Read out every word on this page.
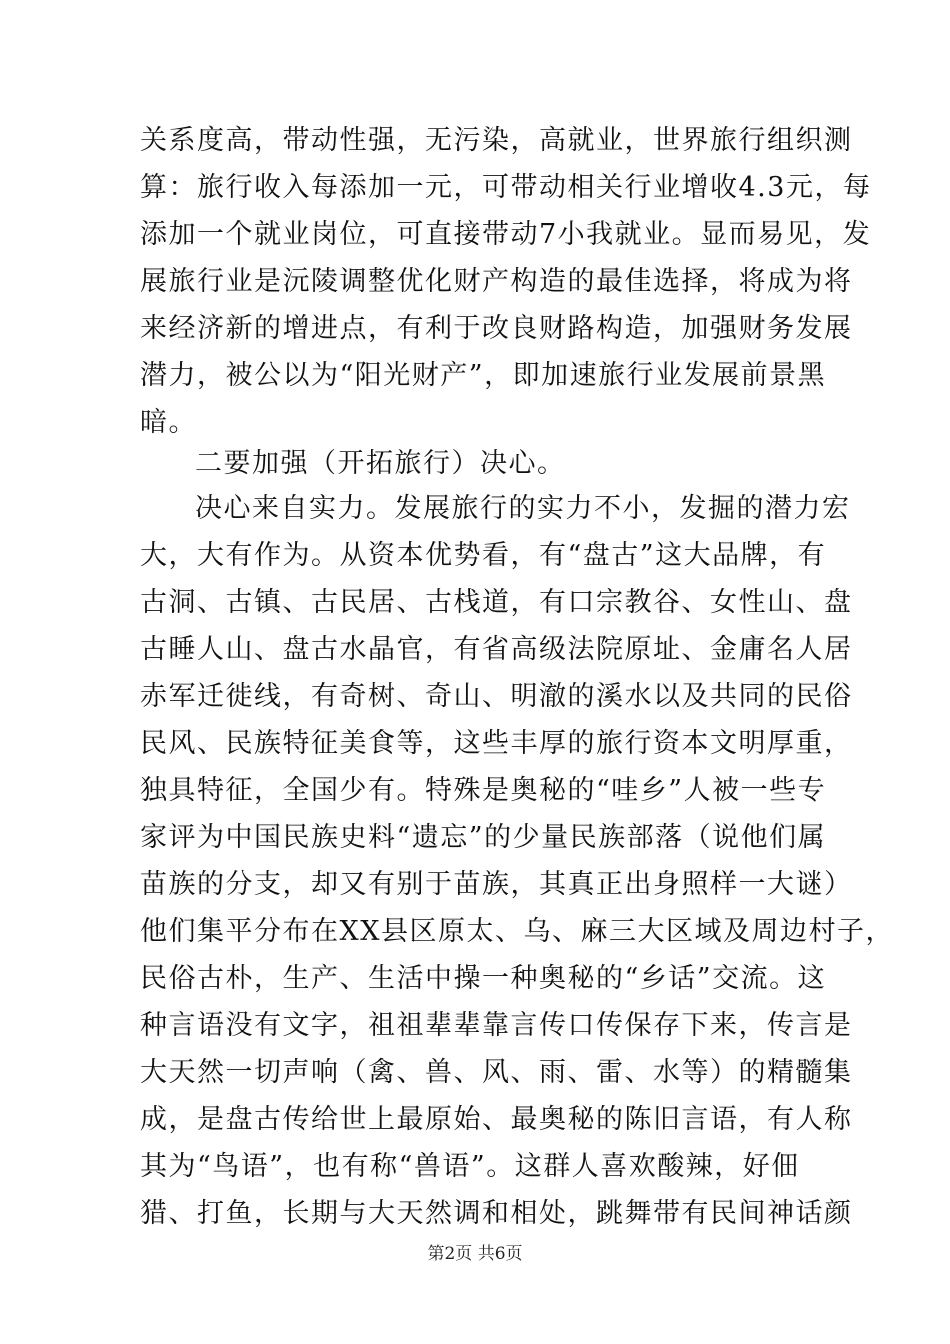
关系度高，带动性强，无污染，高就业，世界旅行组织测
算：旅行收入每添加一元，可带动相关行业增收4.3元，每
添加一个就业岗位，可直接带动7小我就业。显而易见，发
展旅行业是沅陵调整优化财产构造的最佳选择，将成为将
来经济新的增进点，有利于改良财路构造，加强财务发展
潜力，被公以为“阳光财产”，即加速旅行业发展前景黑
暗。
二要加强（开拓旅行）决心。
决心来自实力。发展旅行的实力不小，发掘的潜力宏
大，大有作为。从资本优势看，有“盘古”这大品牌，有
古洞、古镇、古民居、古栈道，有口宗教谷、女性山、盘
古睡人山、盘古水晶官，有省高级法院原址、金庸名人居
赤军迁徙线，有奇树、奇山、明澈的溪水以及共同的民俗
民风、民族特征美食等，这些丰厚的旅行资本文明厚重，
独具特征，全国少有。特殊是奥秘的“哇乡”人被一些专
家评为中国民族史料“遗忘”的少量民族部落（说他们属
苗族的分支，却又有别于苗族，其真正出身照样一大谜）
他们集平分布在XX县区原太、乌、麻三大区域及周边村子，
民俗古朴，生产、生活中操一种奥秘的“乡话”交流。这
种言语没有文字，祖祖辈辈靠言传口传保存下来，传言是
大天然一切声响（禽、兽、风、雨、雷、水等）的精髓集
成，是盘古传给世上最原始、最奥秘的陈旧言语，有人称
其为“鸟语”，也有称“兽语”。这群人喜欢酸辣，好佃
猎、打鱼，长期与大天然调和相处，跳舞带有民间神话颜
第2页 共6页
